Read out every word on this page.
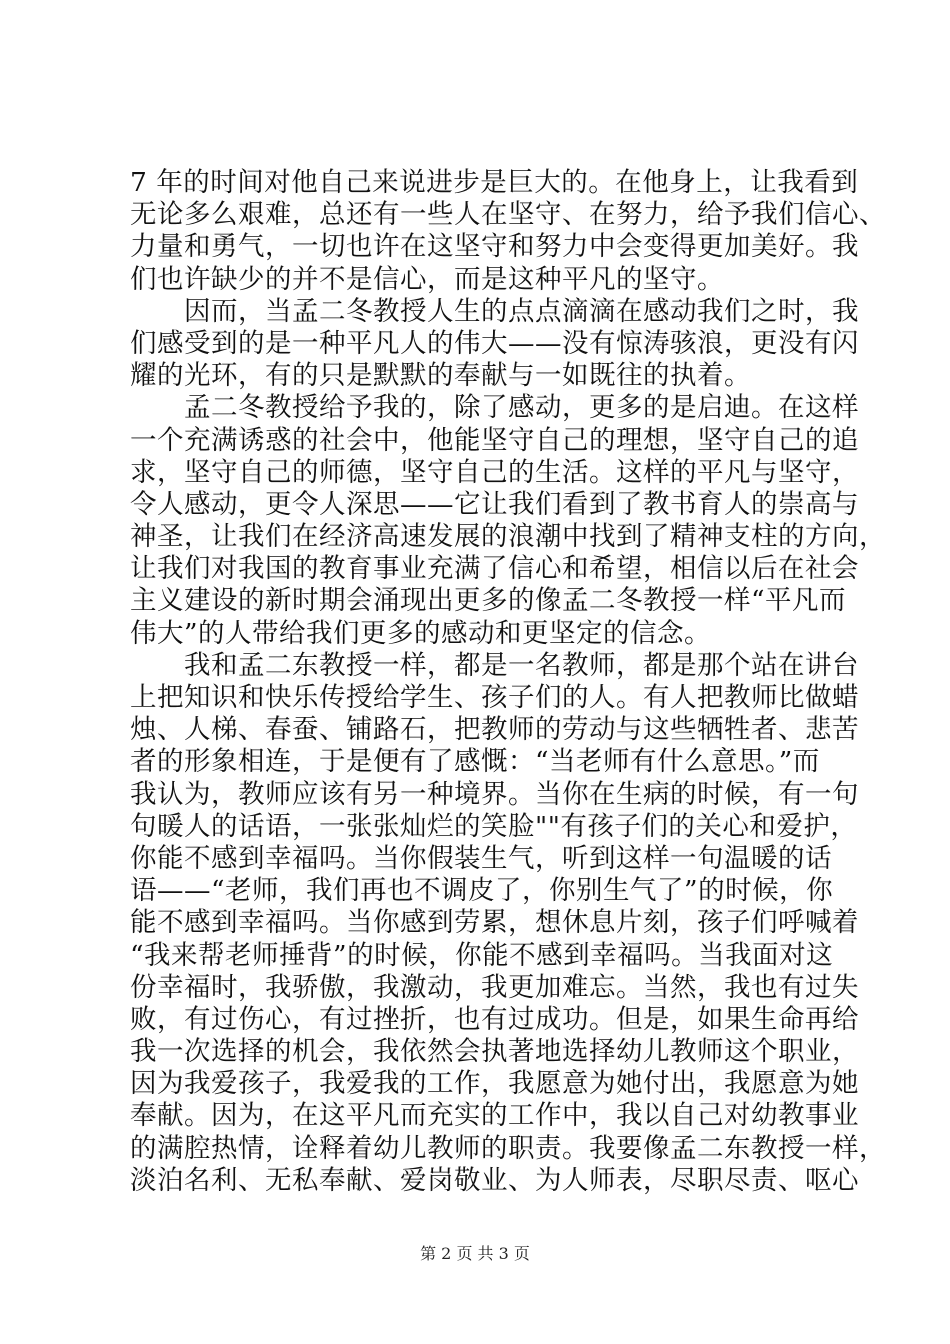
7 年的时间对他自己来说进步是巨大的。在他身上，让我看到
无论多么艰难，总还有一些人在坚守、在努力，给予我们信心、
力量和勇气，一切也许在这坚守和努力中会变得更加美好。我
们也许缺少的并不是信心，而是这种平凡的坚守。
　　因而，当孟二冬教授人生的点点滴滴在感动我们之时，我
们感受到的是一种平凡人的伟大——没有惊涛骇浪，更没有闪
耀的光环，有的只是默默的奉献与一如既往的执着。
　　孟二冬教授给予我的，除了感动，更多的是启迪。在这样
一个充满诱惑的社会中，他能坚守自己的理想，坚守自己的追
求，坚守自己的师德，坚守自己的生活。这样的平凡与坚守，
令人感动，更令人深思——它让我们看到了教书育人的崇高与
神圣，让我们在经济高速发展的浪潮中找到了精神支柱的方向，
让我们对我国的教育事业充满了信心和希望，相信以后在社会
主义建设的新时期会涌现出更多的像孟二冬教授一样“平凡而
伟大”的人带给我们更多的感动和更坚定的信念。
　　我和孟二东教授一样，都是一名教师，都是那个站在讲台
上把知识和快乐传授给学生、孩子们的人。有人把教师比做蜡
烛、人梯、春蚕、铺路石，把教师的劳动与这些牺牲者、悲苦
者的形象相连，于是便有了感慨：“当老师有什么意思。”而
我认为，教师应该有另一种境界。当你在生病的时候，有一句
句暖人的话语，一张张灿烂的笑脸""有孩子们的关心和爱护，
你能不感到幸福吗。当你假装生气，听到这样一句温暖的话
语——“老师，我们再也不调皮了，你别生气了”的时候，你
能不感到幸福吗。当你感到劳累，想休息片刻，孩子们呼喊着
“我来帮老师捶背”的时候，你能不感到幸福吗。当我面对这
份幸福时，我骄傲，我激动，我更加难忘。当然，我也有过失
败，有过伤心，有过挫折，也有过成功。但是，如果生命再给
我一次选择的机会，我依然会执著地选择幼儿教师这个职业，
因为我爱孩子，我爱我的工作，我愿意为她付出，我愿意为她
奉献。因为，在这平凡而充实的工作中，我以自己对幼教事业
的满腔热情，诠释着幼儿教师的职责。我要像孟二东教授一样，
淡泊名利、无私奉献、爱岗敬业、为人师表，尽职尽责、呕心
第 2 页 共 3 页
